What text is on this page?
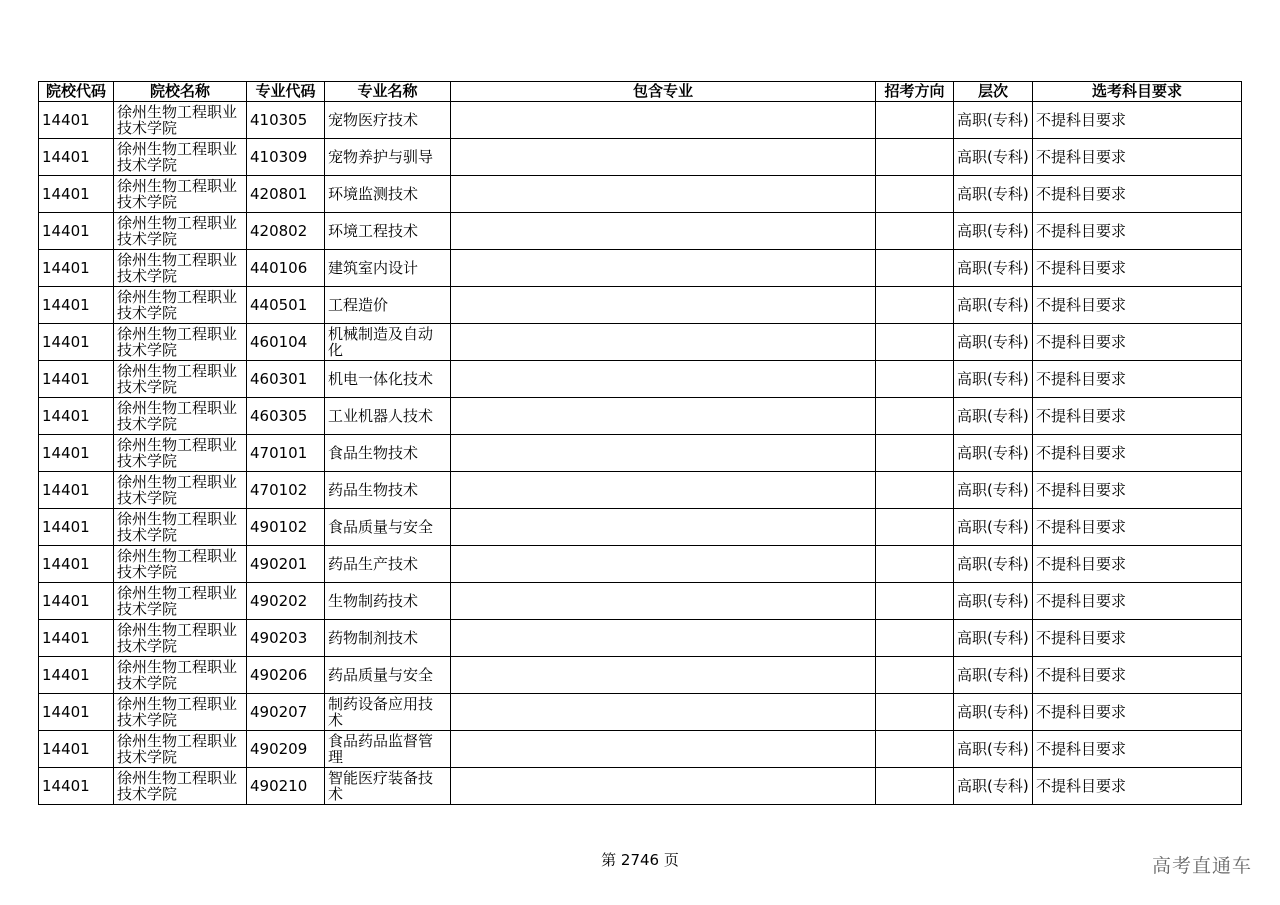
院校代码	院校名称	专业代码	专业名称	包含专业	招考方向	层次	选考科目要求
14401	徐州生物工程职业技术学院	410305	宠物医疗技术			高职(专科)	不提科目要求
14401	徐州生物工程职业技术学院	410309	宠物养护与驯导			高职(专科)	不提科目要求
14401	徐州生物工程职业技术学院	420801	环境监测技术			高职(专科)	不提科目要求
14401	徐州生物工程职业技术学院	420802	环境工程技术			高职(专科)	不提科目要求
14401	徐州生物工程职业技术学院	440106	建筑室内设计			高职(专科)	不提科目要求
14401	徐州生物工程职业技术学院	440501	工程造价			高职(专科)	不提科目要求
14401	徐州生物工程职业技术学院	460104	机械制造及自动化			高职(专科)	不提科目要求
14401	徐州生物工程职业技术学院	460301	机电一体化技术			高职(专科)	不提科目要求
14401	徐州生物工程职业技术学院	460305	工业机器人技术			高职(专科)	不提科目要求
14401	徐州生物工程职业技术学院	470101	食品生物技术			高职(专科)	不提科目要求
14401	徐州生物工程职业技术学院	470102	药品生物技术			高职(专科)	不提科目要求
14401	徐州生物工程职业技术学院	490102	食品质量与安全			高职(专科)	不提科目要求
14401	徐州生物工程职业技术学院	490201	药品生产技术			高职(专科)	不提科目要求
14401	徐州生物工程职业技术学院	490202	生物制药技术			高职(专科)	不提科目要求
14401	徐州生物工程职业技术学院	490203	药物制剂技术			高职(专科)	不提科目要求
14401	徐州生物工程职业技术学院	490206	药品质量与安全			高职(专科)	不提科目要求
14401	徐州生物工程职业技术学院	490207	制药设备应用技术			高职(专科)	不提科目要求
14401	徐州生物工程职业技术学院	490209	食品药品监督管理			高职(专科)	不提科目要求
14401	徐州生物工程职业技术学院	490210	智能医疗装备技术			高职(专科)	不提科目要求
第 2746 页	高考直通车
